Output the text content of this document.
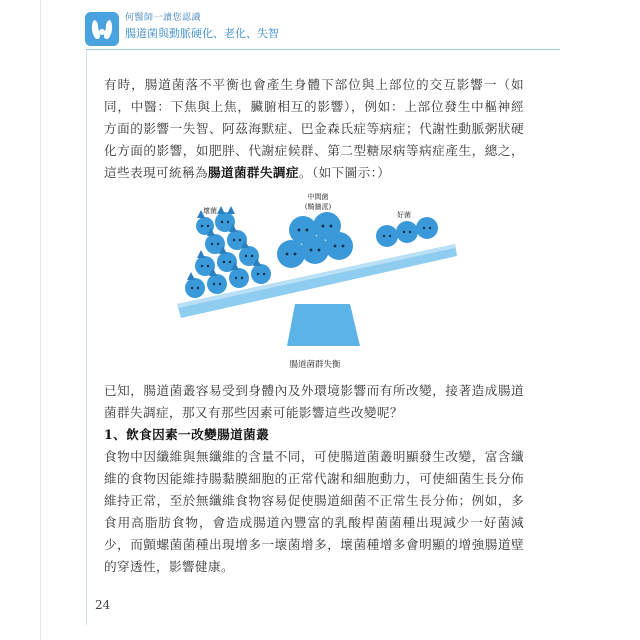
何醫師一讀您認識
腸道菌與動脈硬化、老化、失智
有時，腸道菌落不平衡也會產生身體下部位與上部位的交互影響一（如同，中醫：下焦與上焦，臟腑相互的影響），例如：上部位發生中樞神經方面的影響一失智、阿茲海默症、巴金森氏症等病症；代謝性動脈粥狀硬化方面的影響，如肥胖、代謝症候群、第二型糖尿病等病症產生，總之，這些表現可統稱為腸道菌群失調症。（如下圖示：）
壞菌
中間菌
(騎牆派)
好菌
腸道菌群失衡
已知，腸道菌叢容易受到身體內及外環境影響而有所改變，接著造成腸道菌群失調症，那又有那些因素可能影響這些改變呢？
1、飲食因素一改變腸道菌叢
食物中因纖維與無纖維的含量不同，可使腸道菌叢明顯發生改變，富含纖維的食物因能維持腸黏膜細胞的正常代謝和細胞動力，可使細菌生長分佈維持正常，至於無纖維食物容易促使腸道細菌不正常生長分佈；例如，多食用高脂肪食物，會造成腸道內豐富的乳酸桿菌菌種出現減少一好菌減少，而顫螺菌菌種出現增多一壞菌增多，壞菌種增多會明顯的增強腸道壁的穿透性，影響健康。
24
